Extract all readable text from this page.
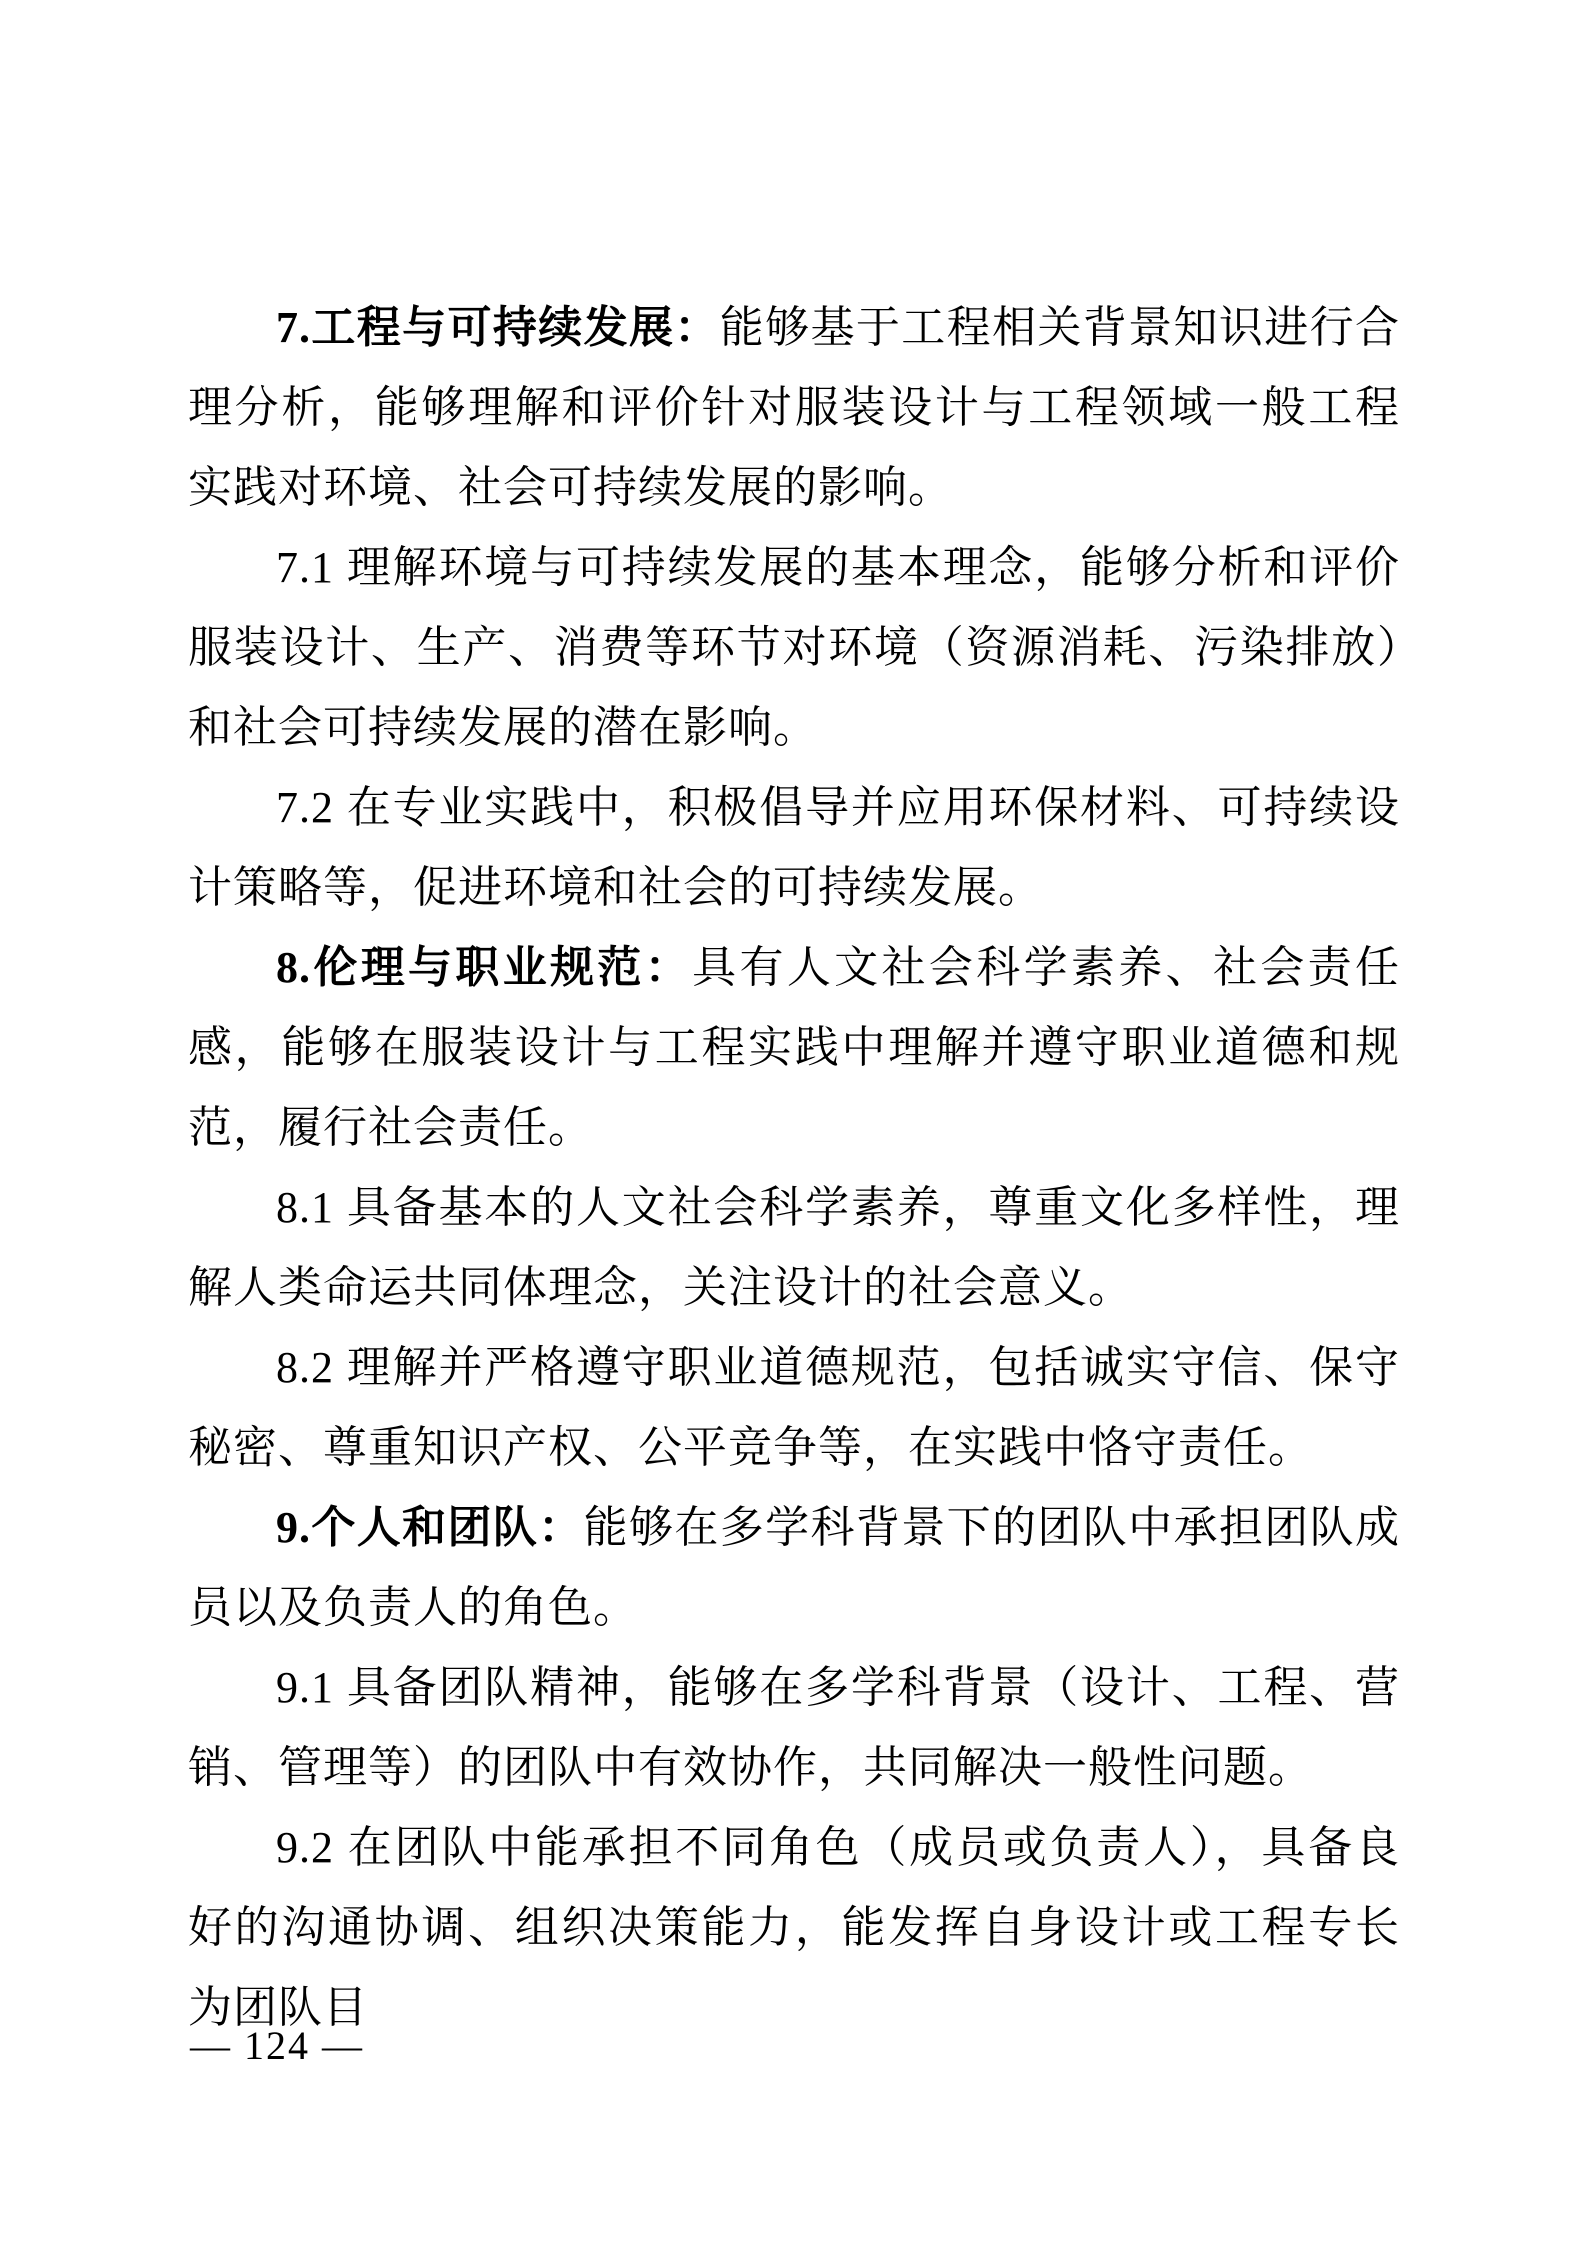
7.工程与可持续发展：能够基于工程相关背景知识进行合理分析，能够理解和评价针对服装设计与工程领域一般工程实践对环境、社会可持续发展的影响。

7.1 理解环境与可持续发展的基本理念，能够分析和评价服装设计、生产、消费等环节对环境（资源消耗、污染排放）和社会可持续发展的潜在影响。

7.2 在专业实践中，积极倡导并应用环保材料、可持续设计策略等，促进环境和社会的可持续发展。

8.伦理与职业规范：具有人文社会科学素养、社会责任感，能够在服装设计与工程实践中理解并遵守职业道德和规范，履行社会责任。

8.1 具备基本的人文社会科学素养，尊重文化多样性，理解人类命运共同体理念，关注设计的社会意义。

8.2 理解并严格遵守职业道德规范，包括诚实守信、保守秘密、尊重知识产权、公平竞争等，在实践中恪守责任。

9.个人和团队：能够在多学科背景下的团队中承担团队成员以及负责人的角色。

9.1 具备团队精神，能够在多学科背景（设计、工程、营销、管理等）的团队中有效协作，共同解决一般性问题。

9.2 在团队中能承担不同角色（成员或负责人），具备良好的沟通协调、组织决策能力，能发挥自身设计或工程专长为团队目

— 124 —
